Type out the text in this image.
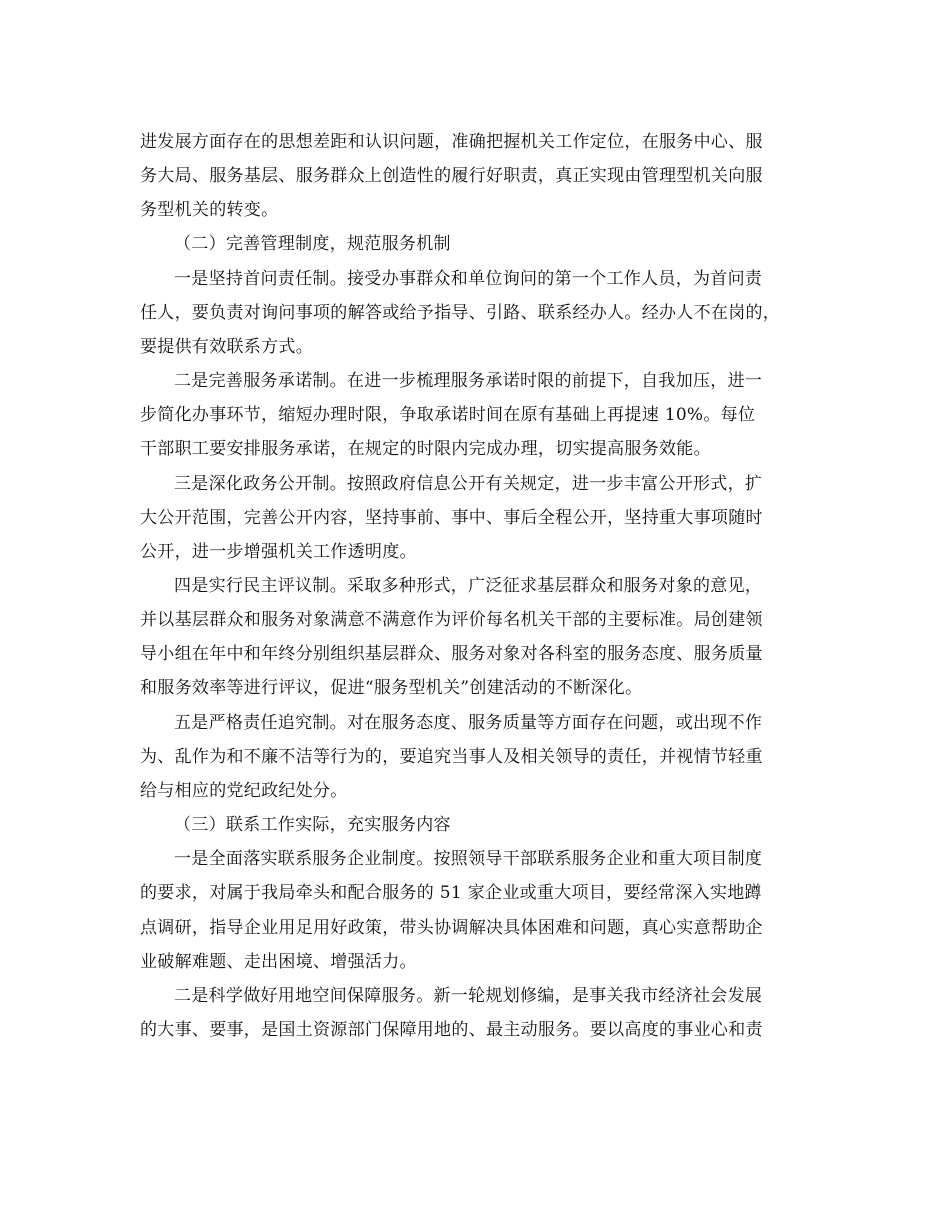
进发展方面存在的思想差距和认识问题，准确把握机关工作定位，在服务中心、服
务大局、服务基层、服务群众上创造性的履行好职责，真正实现由管理型机关向服
务型机关的转变。
（二）完善管理制度，规范服务机制
一是坚持首问责任制。接受办事群众和单位询问的第一个工作人员，为首问责
任人，要负责对询问事项的解答或给予指导、引路、联系经办人。经办人不在岗的，
要提供有效联系方式。
二是完善服务承诺制。在进一步梳理服务承诺时限的前提下，自我加压，进一
步简化办事环节，缩短办理时限，争取承诺时间在原有基础上再提速 10%。每位
干部职工要安排服务承诺，在规定的时限内完成办理，切实提高服务效能。
三是深化政务公开制。按照政府信息公开有关规定，进一步丰富公开形式，扩
大公开范围，完善公开内容，坚持事前、事中、事后全程公开，坚持重大事项随时
公开，进一步增强机关工作透明度。
四是实行民主评议制。采取多种形式，广泛征求基层群众和服务对象的意见，
并以基层群众和服务对象满意不满意作为评价每名机关干部的主要标准。局创建领
导小组在年中和年终分别组织基层群众、服务对象对各科室的服务态度、服务质量
和服务效率等进行评议，促进“服务型机关”创建活动的不断深化。
五是严格责任追究制。对在服务态度、服务质量等方面存在问题，或出现不作
为、乱作为和不廉不洁等行为的，要追究当事人及相关领导的责任，并视情节轻重
给与相应的党纪政纪处分。
（三）联系工作实际，充实服务内容
一是全面落实联系服务企业制度。按照领导干部联系服务企业和重大项目制度
的要求，对属于我局牵头和配合服务的 51 家企业或重大项目，要经常深入实地蹲
点调研，指导企业用足用好政策，带头协调解决具体困难和问题，真心实意帮助企
业破解难题、走出困境、增强活力。
二是科学做好用地空间保障服务。新一轮规划修编，是事关我市经济社会发展
的大事、要事，是国土资源部门保障用地的、最主动服务。要以高度的事业心和责
